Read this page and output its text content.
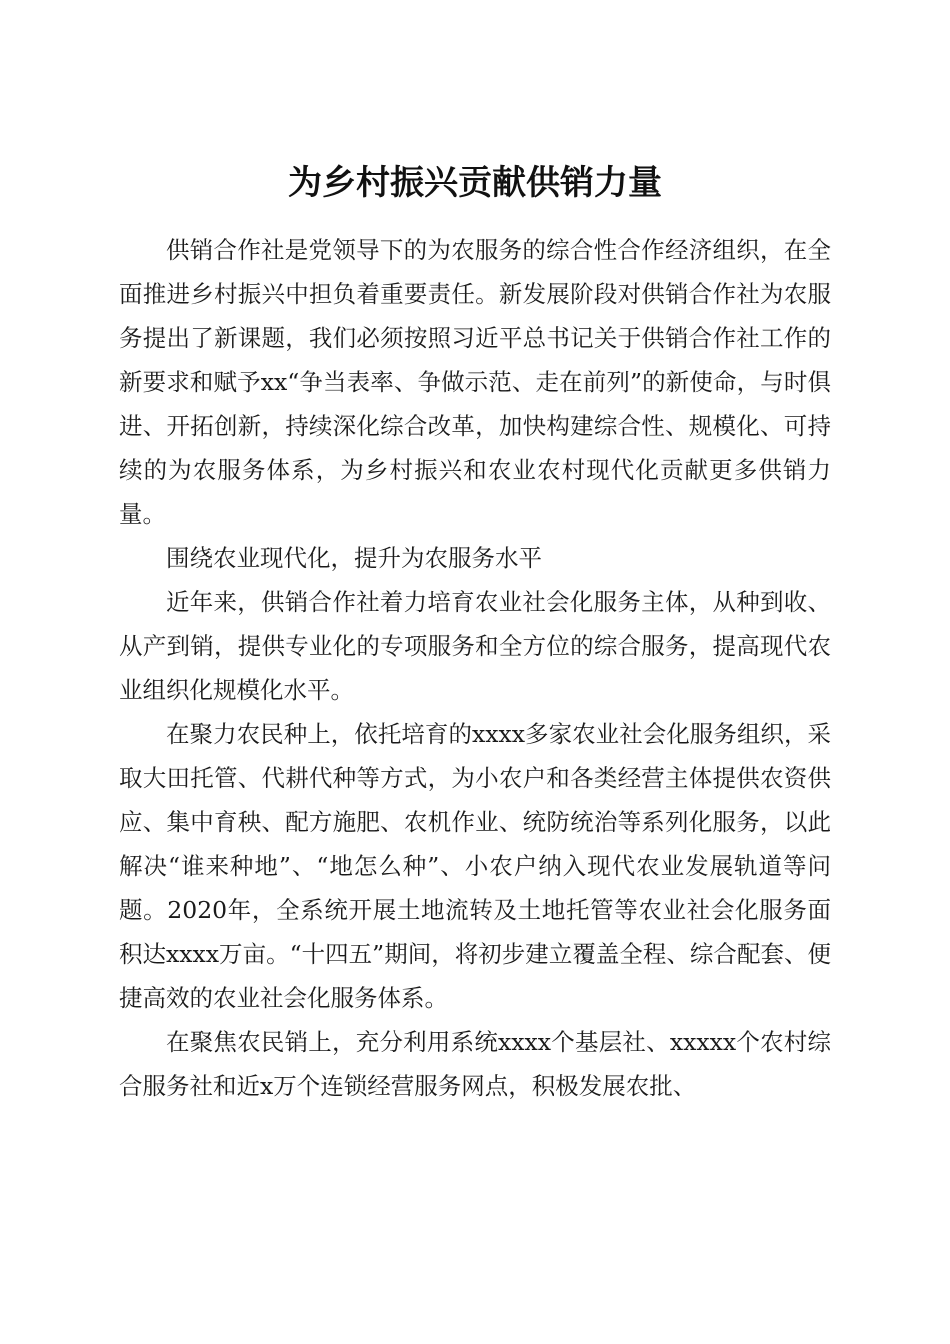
为乡村振兴贡献供销力量

供销合作社是党领导下的为农服务的综合性合作经济组织，在全面推进乡村振兴中担负着重要责任。新发展阶段对供销合作社为农服务提出了新课题，我们必须按照习近平总书记关于供销合作社工作的新要求和赋予xx“争当表率、争做示范、走在前列”的新使命，与时俱进、开拓创新，持续深化综合改革，加快构建综合性、规模化、可持续的为农服务体系，为乡村振兴和农业农村现代化贡献更多供销力量。

围绕农业现代化，提升为农服务水平

近年来，供销合作社着力培育农业社会化服务主体，从种到收、从产到销，提供专业化的专项服务和全方位的综合服务，提高现代农业组织化规模化水平。

在聚力农民种上，依托培育的xxxx多家农业社会化服务组织，采取大田托管、代耕代种等方式，为小农户和各类经营主体提供农资供应、集中育秧、配方施肥、农机作业、统防统治等系列化服务，以此解决“谁来种地”、“地怎么种”、小农户纳入现代农业发展轨道等问题。2020年，全系统开展土地流转及土地托管等农业社会化服务面积达xxxx万亩。“十四五”期间，将初步建立覆盖全程、综合配套、便捷高效的农业社会化服务体系。

在聚焦农民销上，充分利用系统xxxx个基层社、xxxxx个农村综合服务社和近x万个连锁经营服务网点，积极发展农批、
